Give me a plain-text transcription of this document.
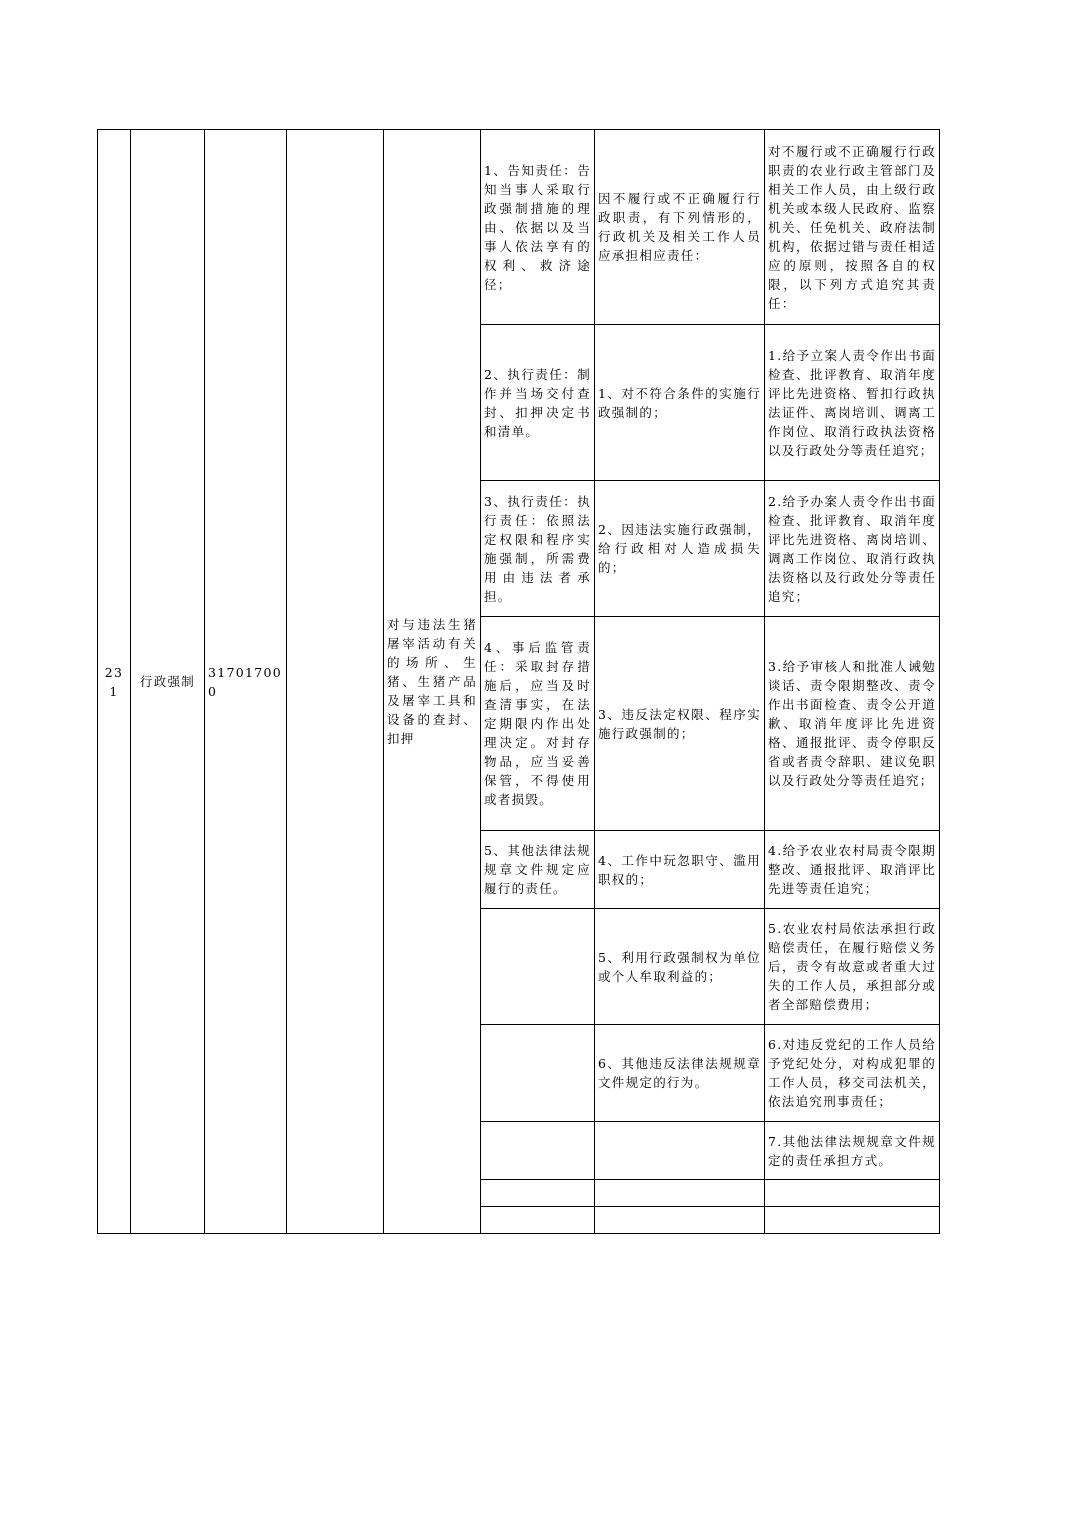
231	行政强制	317017000		对与违法生猪屠宰活动有关的场所、生猪、生猪产品及屠宰工具和设备的查封、扣押	1、告知责任：告知当事人采取行政强制措施的理由、依据以及当事人依法享有的权利、救济途径；	因不履行或不正确履行行政职责，有下列情形的，行政机关及相关工作人员应承担相应责任：	对不履行或不正确履行行政职责的农业行政主管部门及相关工作人员，由上级行政机关或本级人民政府、监察机关、任免机关、政府法制机构，依据过错与责任相适应的原则，按照各自的权限，以下列方式追究其责任：
					2、执行责任：制作并当场交付查封、扣押决定书和清单。	1、对不符合条件的实施行政强制的；	1.给予立案人责令作出书面检查、批评教育、取消年度评比先进资格、暂扣行政执法证件、离岗培训、调离工作岗位、取消行政执法资格以及行政处分等责任追究；
					3、执行责任：执行责任：依照法定权限和程序实施强制，所需费用由违法者承担。	2、因违法实施行政强制，给行政相对人造成损失的；	2.给予办案人责令作出书面检查、批评教育、取消年度评比先进资格、离岗培训、调离工作岗位、取消行政执法资格以及行政处分等责任追究；
					4、事后监管责任：采取封存措施后，应当及时查清事实，在法定期限内作出处理决定。对封存物品，应当妥善保管，不得使用或者损毁。	3、违反法定权限、程序实施行政强制的；	3.给予审核人和批准人诫勉谈话、责令限期整改、责令作出书面检查、责令公开道歉、取消年度评比先进资格、通报批评、责令停职反省或者责令辞职、建议免职以及行政处分等责任追究；
					5、其他法律法规规章文件规定应履行的责任。	4、工作中玩忽职守、滥用职权的；	4.给予农业农村局责令限期整改、通报批评、取消评比先进等责任追究；
						5、利用行政强制权为单位或个人牟取利益的；	5.农业农村局依法承担行政赔偿责任，在履行赔偿义务后，责令有故意或者重大过失的工作人员，承担部分或者全部赔偿费用；
						6、其他违反法律法规规章文件规定的行为。	6.对违反党纪的工作人员给予党纪处分，对构成犯罪的工作人员，移交司法机关，依法追究刑事责任；
							7.其他法律法规规章文件规定的责任承担方式。
